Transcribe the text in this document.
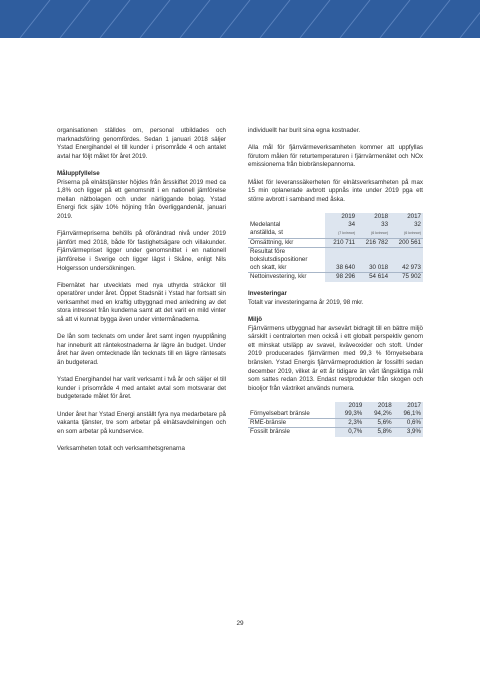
organisationen ställdes om, personal utbildades och marknadsföring genomfördes. Sedan 1 januari 2018 säljer Ystad Energihandel el till kunder i prisområde 4 och antalet avtal har följt målet för året 2019.

Måluppfyllelse

Priserna på elnätstjänster höjdes från årsskiftet 2019 med ca 1,8% och ligger på ett genomsnitt i en nationell jämförelse mellan nätbolagen och under närliggande bolag. Ystad Energi fick själv 10% höjning från överliggandenät, januari 2019.

Fjärrvärmepriserna behölls på oförändrad nivå under 2019 jämfört med 2018, både för fastighetsägare och villakunder. Fjärrvärmepriset ligger under genomsnittet i en nationell jämförelse i Sverige och ligger lägst i Skåne, enligt Nils Holgersson undersökningen.

Fibernätet har utvecklats med nya uthyrda sträckor till operatörer under året. Öppet Stadsnät i Ystad har fortsatt sin verksamhet med en kraftig utbyggnad med anledning av det stora intresset från kunderna samt att det varit en mild vinter så att vi kunnat bygga även under vintermånaderna.

De lån som tecknats om under året samt ingen nyupplåning har inneburit att räntekostnaderna är lägre än budget. Under året har även omtecknade lån tecknats till en lägre räntesats än budgeterad.

Ystad Energihandel har varit verksamt i två år och säljer el till kunder i prisområde 4 med antalet avtal som motsvarar det budgeterade målet för året.

Under året har Ystad Energi anställt fyra nya medarbetare på vakanta tjänster, tre som arbetar på elnätsavdelningen och en som arbetar på kundservice.

Verksamheten totalt och verksamhetsgrenarna

individuellt har burit sina egna kostnader.

Alla mål för fjärrvärmeverksamheten kommer att uppfyllas förutom målen för returtemperaturen i fjärrvärmenätet och NOx emissionerna från biobränslepannorna.

Målet för leveranssäkerheten för elnätsverksamheten på max 15 min oplanerade avbrott uppnås inte under 2019 pga ett större avbrott i samband med åska.

	2019	2018	2017
Medelantal	34	33	32
anställda, st	(7 kvinnor)	(6 kvinnor)	(6 kvinnor)
Omsättning, kkr	210 711	216 782	200 561
Resultat före			
bokslutsdispositioner			
och skatt, kkr	38 640	30 018	42 973
Nettoinvestering, kkr	98 296	54 614	75 902

Investeringar

Totalt var investeringarna år 2019, 98 mkr.

Miljö

Fjärrvärmens utbyggnad har avsevärt bidragit till en bättre miljö särskilt i centralorten men också i ett globalt perspektiv genom ett minskat utsläpp av svavel, kväveoxider och stoft. Under 2019 producerades fjärrvärmen med 99,3 % förnyelsebara bränslen. Ystad Energis fjärrvärmeproduktion är fossilfri sedan december 2019, vilket är ett år tidigare än vårt långsiktiga mål som sattes redan 2013. Endast restprodukter från skogen och biooljor från växtriket används numera.

	2019	2018	2017
Förnyelsebart bränsle	99,3%	94,2%	96,1%
RME-bränsle	2,3%	5,6%	0,6%
Fossilt bränsle	0,7%	5,8%	3,9%
29
